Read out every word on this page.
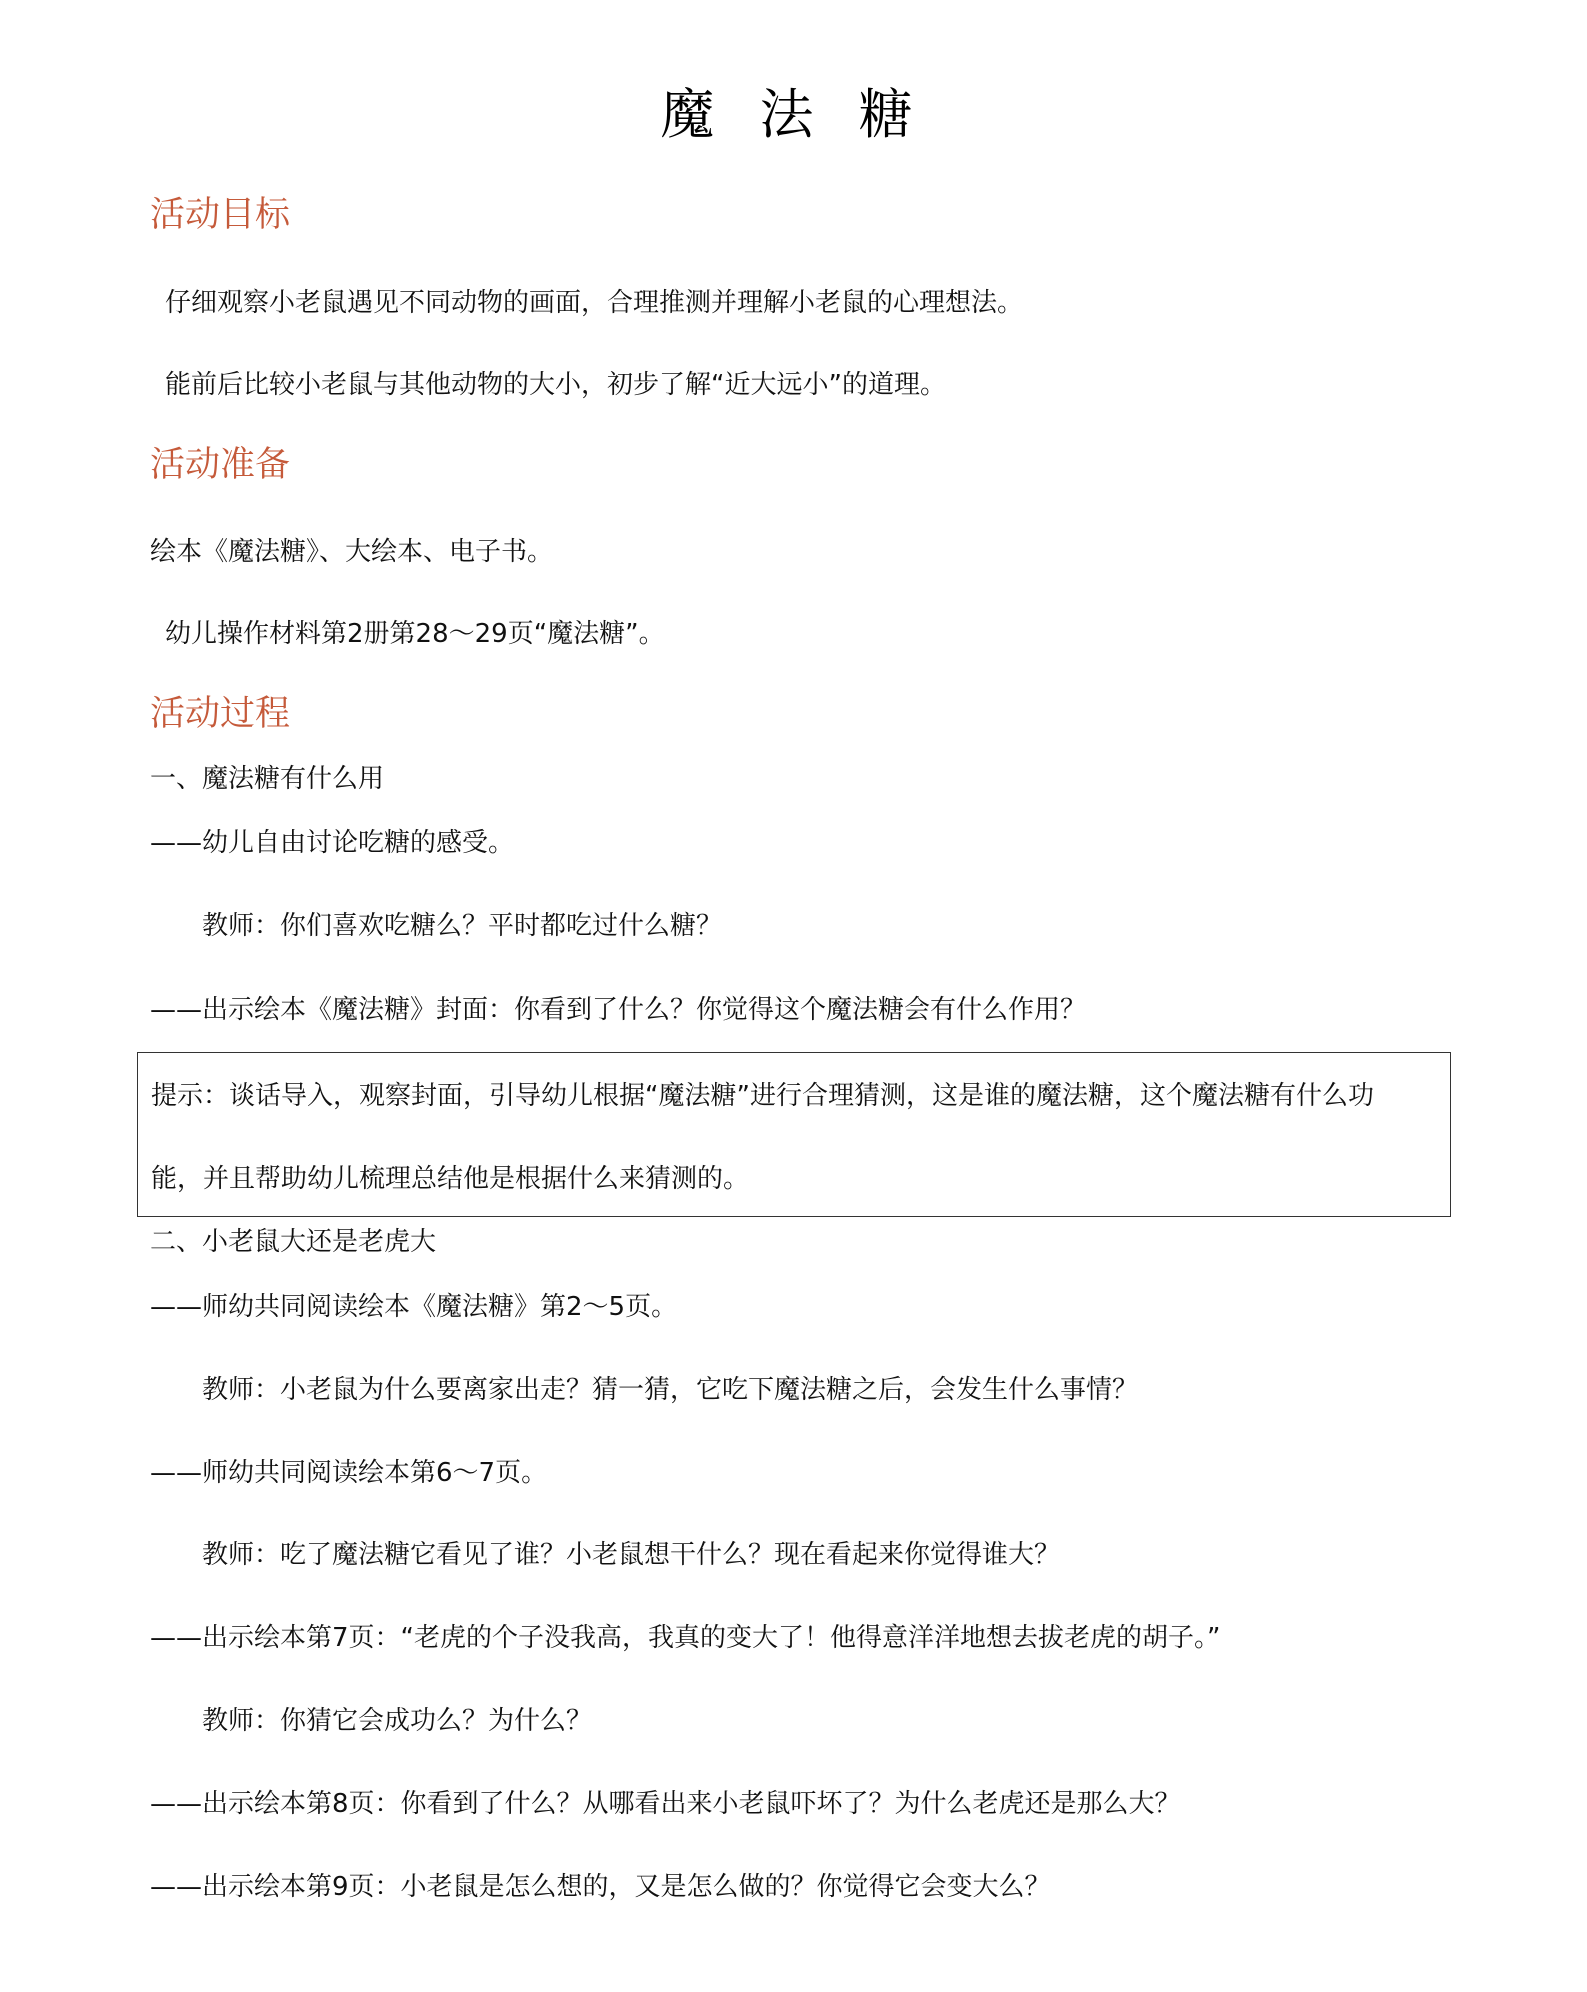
魔 法 糖
活动目标
仔细观察小老鼠遇见不同动物的画面，合理推测并理解小老鼠的心理想法。
能前后比较小老鼠与其他动物的大小，初步了解“近大远小”的道理。
活动准备
绘本《魔法糖》、大绘本、电子书。
幼儿操作材料第2册第28～29页“魔法糖”。
活动过程
一、魔法糖有什么用
——幼儿自由讨论吃糖的感受。
教师：你们喜欢吃糖么？平时都吃过什么糖？
——出示绘本《魔法糖》封面：你看到了什么？你觉得这个魔法糖会有什么作用？
提示：谈话导入，观察封面，引导幼儿根据“魔法糖”进行合理猜测，这是谁的魔法糖，这个魔法糖有什么功
能，并且帮助幼儿梳理总结他是根据什么来猜测的。
二、小老鼠大还是老虎大
——师幼共同阅读绘本《魔法糖》第2～5页。
教师：小老鼠为什么要离家出走？猜一猜，它吃下魔法糖之后，会发生什么事情？
——师幼共同阅读绘本第6～7页。
教师：吃了魔法糖它看见了谁？小老鼠想干什么？现在看起来你觉得谁大？
——出示绘本第7页：“老虎的个子没我高，我真的变大了！他得意洋洋地想去拔老虎的胡子。”
教师：你猜它会成功么？为什么？
——出示绘本第8页：你看到了什么？从哪看出来小老鼠吓坏了？为什么老虎还是那么大？
——出示绘本第9页：小老鼠是怎么想的，又是怎么做的？你觉得它会变大么？
